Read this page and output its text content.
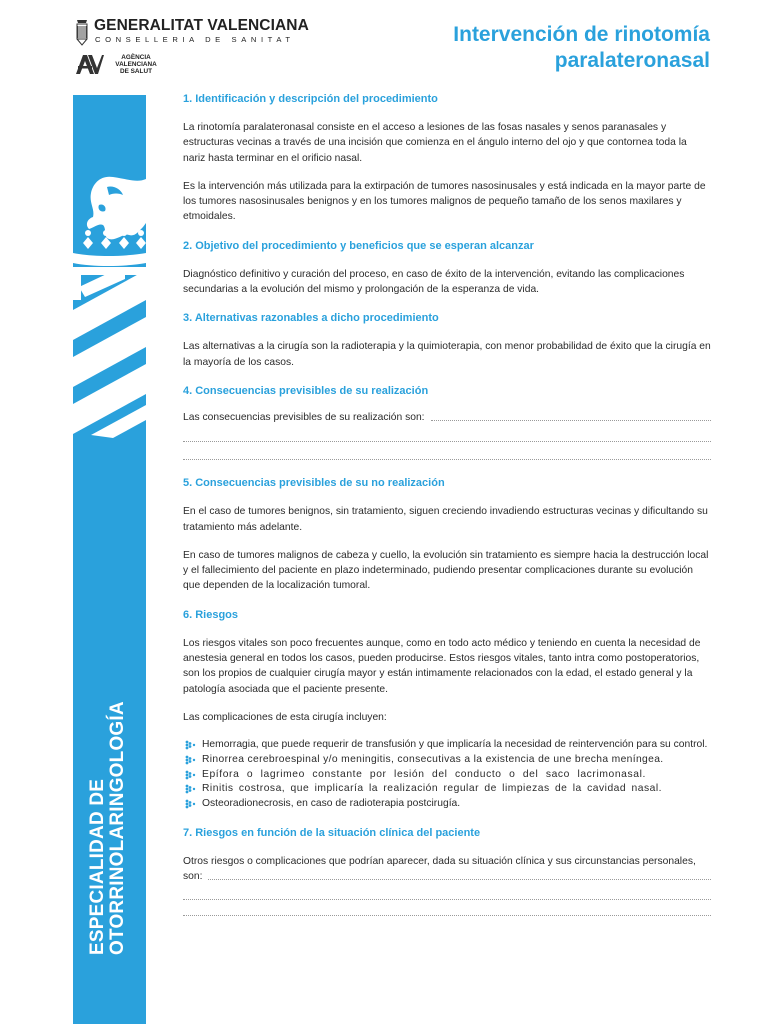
ESPECIALIDAD DE OTORRINOLARINGOLOGÍA
GENERALITAT VALENCIANA
CONSELLERIA DE SANITAT
AGÈNCIA
VALENCIANA
DE SALUT
Intervención de rinotomía
paralateronasal

1. Identificación y descripción del procedimiento

La rinotomía paralateronasal consiste en el acceso a lesiones de las fosas nasales y senos paranasales y estructuras vecinas a través de una incisión que comienza en el ángulo interno del ojo y que contornea toda la nariz hasta terminar en el orificio nasal.

Es la intervención más utilizada para la extirpación de tumores nasosinusales y está indicada en la mayor parte de los tumores nasosinusales benignos y en los tumores malignos de pequeño tamaño de los senos maxilares y etmoidales.

2. Objetivo del procedimiento y beneficios que se esperan alcanzar

Diagnóstico definitivo y curación del proceso, en caso de éxito de la intervención, evitando las complicaciones secundarias a la evolución del mismo y prolongación de la esperanza de vida.

3. Alternativas razonables a dicho procedimiento

Las alternativas a la cirugía son la radioterapia y la quimioterapia, con menor probabilidad de éxito que la cirugía en la mayoría de los casos.

4. Consecuencias previsibles de su realización

Las consecuencias previsibles de su realización son:

5. Consecuencias previsibles de su no realización

En el caso de tumores benignos, sin tratamiento, siguen creciendo invadiendo estructuras vecinas y dificultando su tratamiento más adelante.

En caso de tumores malignos de cabeza y cuello, la evolución sin tratamiento es siempre hacia la destrucción local y el fallecimiento del paciente en plazo indeterminado, pudiendo presentar complicaciones durante su evolución que dependen de la localización tumoral.

6. Riesgos

Los riesgos vitales son poco frecuentes aunque, como en todo acto médico y teniendo en cuenta la necesidad de anestesia general en todos los casos, pueden producirse. Estos riesgos vitales, tanto intra como postoperatorios, son los propios de cualquier cirugía mayor y están intimamente relacionados con la edad, el estado general y la patología asociada que el paciente presente.

Las complicaciones de esta cirugía incluyen:

Hemorragia, que puede requerir de transfusión y que implicaría la necesidad de reintervención para su control.
Rinorrea cerebroespinal y/o meningitis, consecutivas a la existencia de une brecha meníngea.
Epífora o lagrimeo constante por lesión del conducto o del saco lacrimonasal.
Rinitis costrosa, que implicaría la realización regular de limpiezas de la cavidad nasal.
Osteoradionecrosis, en caso de radioterapia postcirugía.

7. Riesgos en función de la situación clínica del paciente

Otros riesgos o complicaciones que podrían aparecer, dada su situación clínica y sus circunstancias personales,

son:
